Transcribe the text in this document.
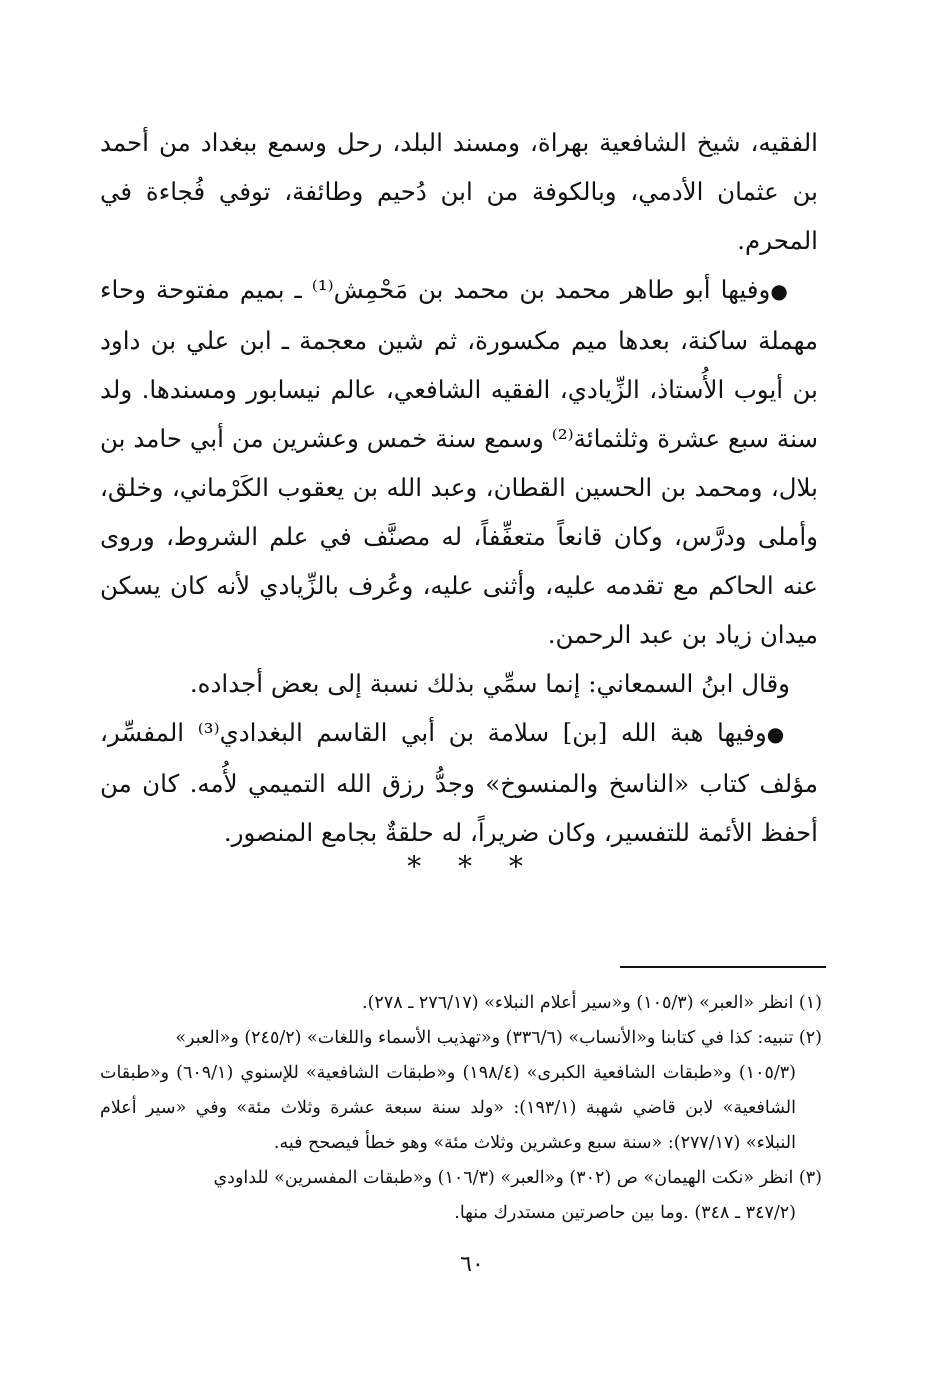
الفقيه، شيخ الشافعية بهراة، ومسند البلد، رحل وسمع ببغداد من أحمد بن عثمان الأدمي، وبالكوفة من ابن دُحيم وطائفة، توفي فُجاءة في المحرم.

●وفيها أبو طاهر محمد بن محمد بن مَحْمِش⁽¹⁾ ـ بميم مفتوحة وحاء مهملة ساكنة، بعدها ميم مكسورة، ثم شين معجمة ـ ابن علي بن داود بن أيوب الأُستاذ، الزِّيادي، الفقيه الشافعي، عالم نيسابور ومسندها. ولد سنة سبع عشرة وثلثمائة⁽²⁾ وسمع سنة خمس وعشرين من أبي حامد بن بلال، ومحمد بن الحسين القطان، وعبد الله بن يعقوب الكَرْماني، وخلق، وأملى ودرَّس، وكان قانعاً متعفِّفاً، له مصنَّف في علم الشروط، وروى عنه الحاكم مع تقدمه عليه، وأثنى عليه، وعُرف بالزِّيادي لأنه كان يسكن ميدان زياد بن عبد الرحمن.

وقال ابنُ السمعاني: إنما سمِّي بذلك نسبة إلى بعض أجداده.

●وفيها هبة الله [بن] سلامة بن أبي القاسم البغدادي⁽³⁾ المفسِّر، مؤلف كتاب «الناسخ والمنسوخ» وجدُّ رزق الله التميمي لأُمه. كان من أحفظ الأئمة للتفسير، وكان ضريراً، له حلقةٌ بجامع المنصور.

* * *

(١) انظر «العبر» (١٠٥/٣) و«سير أعلام النبلاء» (٢٧٦/١٧ ـ ٢٧٨).

(٢) تنبيه: كذا في كتابنا و«الأنساب» (٣٣٦/٦) و«تهذيب الأسماء واللغات» (٢٤٥/٢) و«العبر»

(١٠٥/٣) و«طبقات الشافعية الكبرى» (١٩٨/٤) و«طبقات الشافعية» للإسنوي (٦٠٩/١) و«طبقات الشافعية» لابن قاضي شهبة (١٩٣/١): «ولد سنة سبعة عشرة وثلاث مئة» وفي «سير أعلام النبلاء» (٢٧٧/١٧): «سنة سبع وعشرين وثلاث مئة» وهو خطأ فيصحح فيه.

(٣) انظر «نكت الهيمان» ص (٣٠٢) و«العبر» (١٠٦/٣) و«طبقات المفسرين» للداودي

(٣٤٧/٢ ـ ٣٤٨) .وما بين حاصرتين مستدرك منها.

٦٠
